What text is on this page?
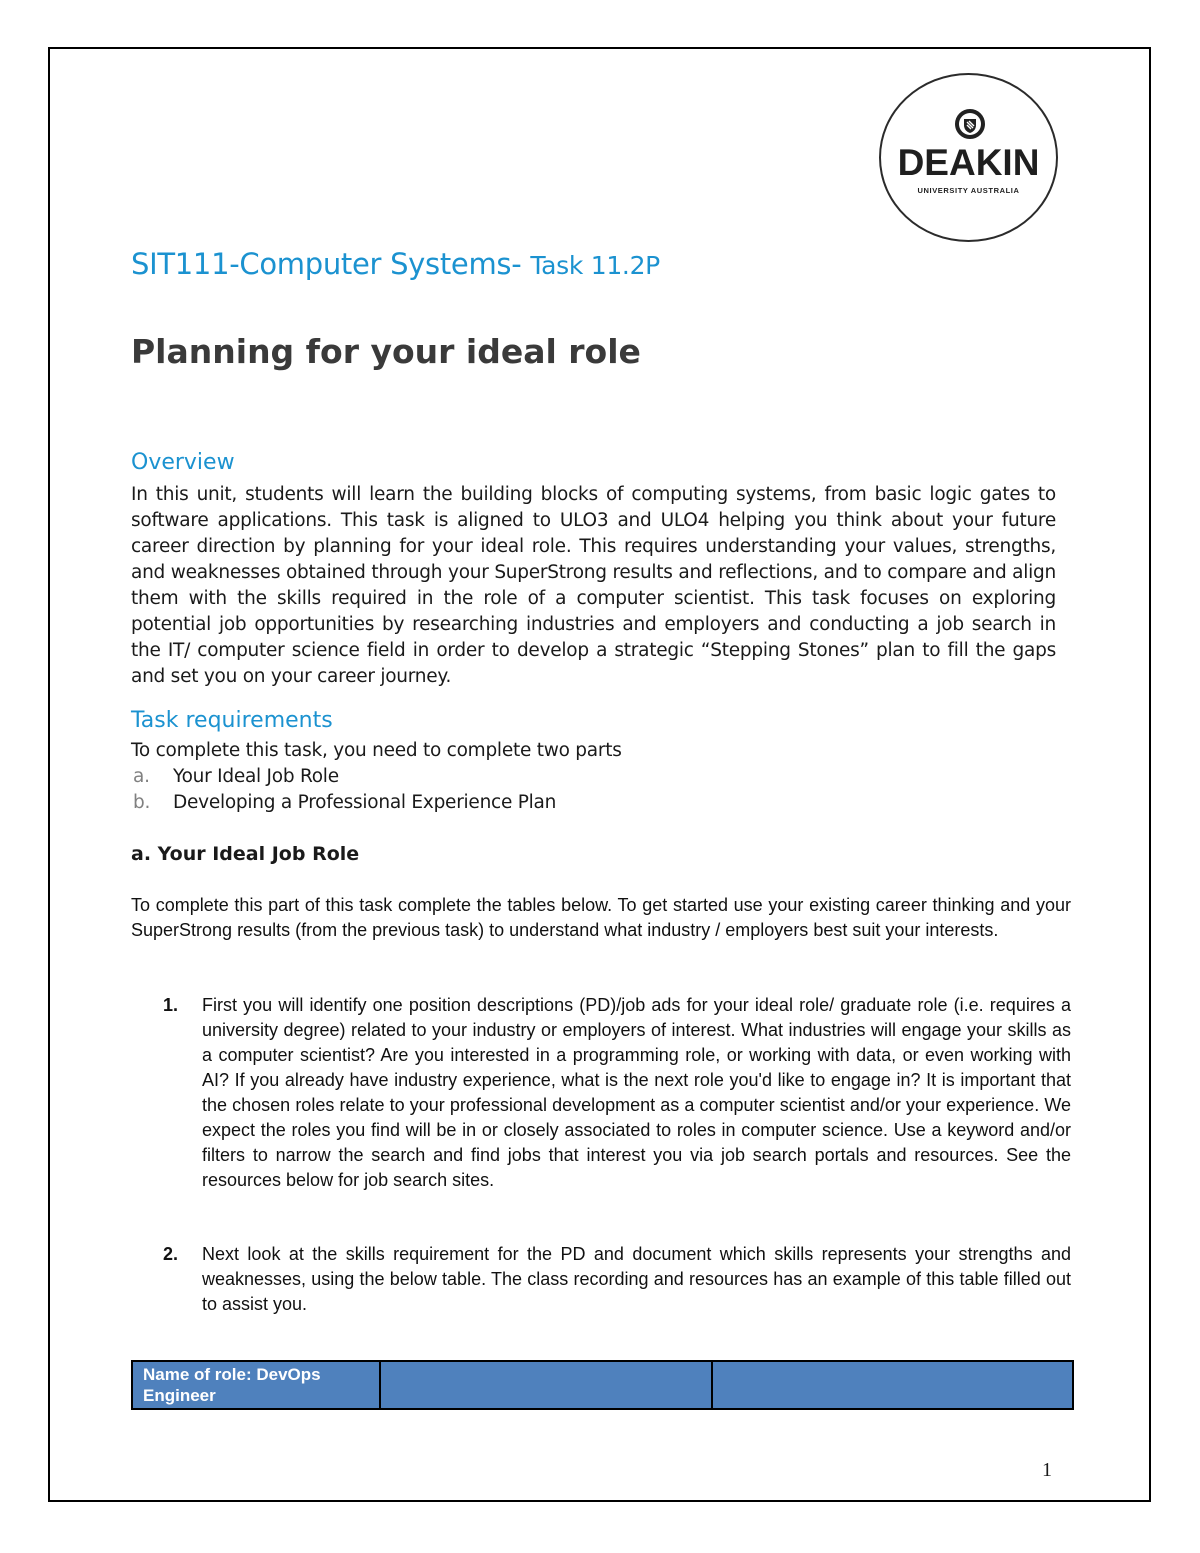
DEAKIN
UNIVERSITY AUSTRALIA
SIT111-Computer Systems- Task 11.2P
Planning for your ideal role
Overview
In this unit, students will learn the building blocks of computing systems, from basic logic gates to software applications. This task is aligned to ULO3 and ULO4 helping you think about your future career direction by planning for your ideal role. This requires understanding your values, strengths, and weaknesses obtained through your SuperStrong results and reflections, and to compare and align them with the skills required in the role of a computer scientist. This task focuses on exploring potential job opportunities by researching industries and employers and conducting a job search in the IT/ computer science field in order to develop a strategic “Stepping Stones” plan to fill the gaps and set you on your career journey.
Task requirements
To complete this task, you need to complete two parts
a. Your Ideal Job Role
b. Developing a Professional Experience Plan
a. Your Ideal Job Role
To complete this part of this task complete the tables below. To get started use your existing career thinking and your SuperStrong results (from the previous task) to understand what industry / employers best suit your interests.
1. First you will identify one position descriptions (PD)/job ads for your ideal role/ graduate role (i.e. requires a university degree) related to your industry or employers of interest. What industries will engage your skills as a computer scientist? Are you interested in a programming role, or working with data, or even working with AI? If you already have industry experience, what is the next role you'd like to engage in? It is important that the chosen roles relate to your professional development as a computer scientist and/or your experience. We expect the roles you find will be in or closely associated to roles in computer science. Use a keyword and/or filters to narrow the search and find jobs that interest you via job search portals and resources. See the resources below for job search sites.
2. Next look at the skills requirement for the PD and document which skills represents your strengths and weaknesses, using the below table. The class recording and resources has an example of this table filled out to assist you.
Name of role: DevOps Engineer		
1
